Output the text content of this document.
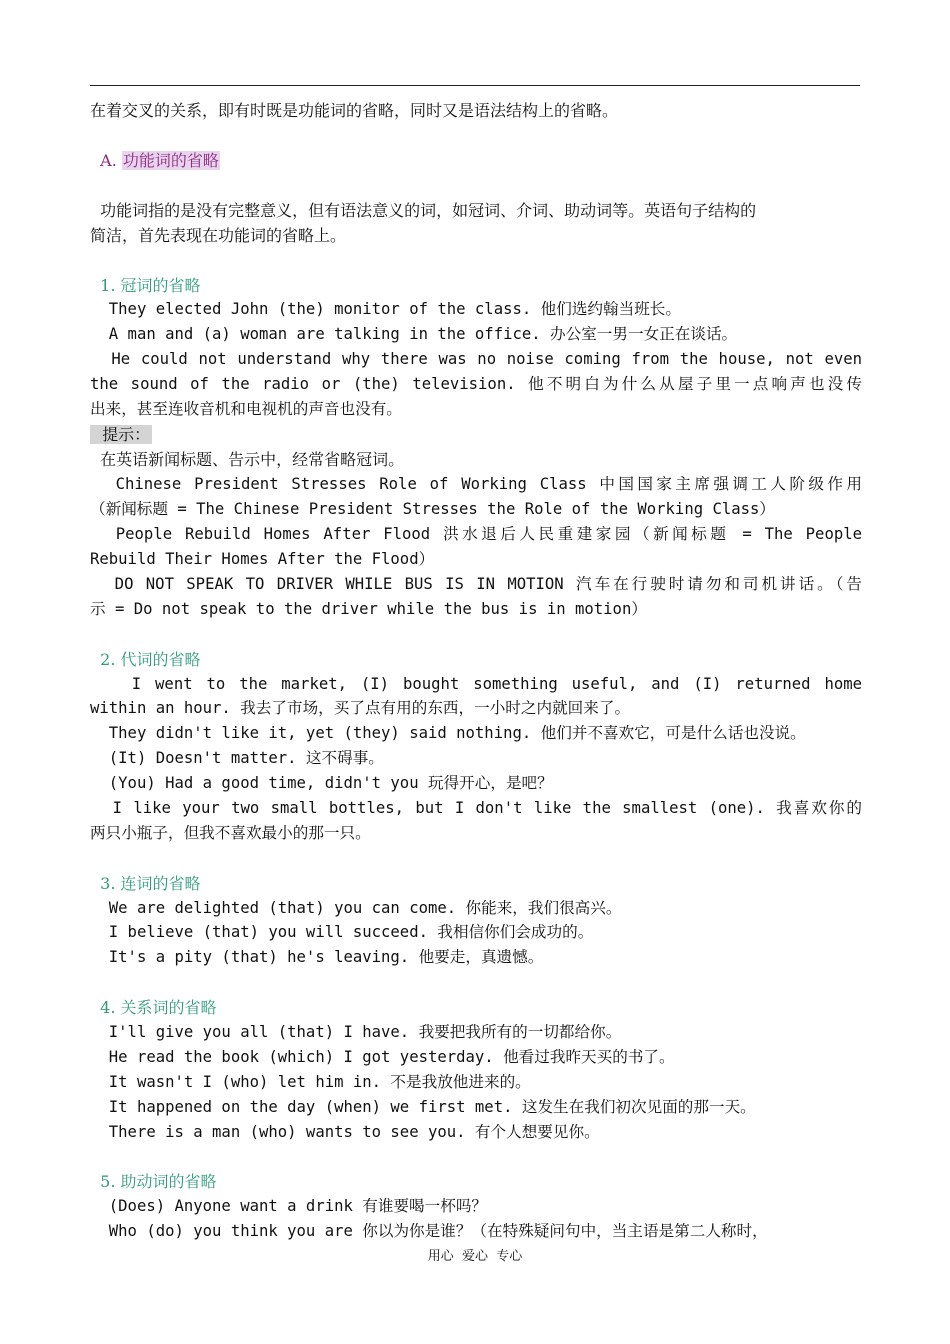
在着交叉的关系，即有时既是功能词的省略，同时又是语法结构上的省略。
A. 功能词的省略
功能词指的是没有完整意义，但有语法意义的词，如冠词、介词、助动词等。英语句子结构的
简洁，首先表现在功能词的省略上。
1. 冠词的省略
They elected John (the) monitor of the class. 他们选约翰当班长。
A man and (a) woman are talking in the office. 办公室一男一女正在谈话。
He could not understand why there was no noise coming from the house, not even
the sound of the radio or (the) television. 他不明白为什么从屋子里一点响声也没传
出来，甚至连收音机和电视机的声音也没有。
提示：
在英语新闻标题、告示中，经常省略冠词。
Chinese President Stresses Role of Working Class 中国国家主席强调工人阶级作用
（新闻标题 = The Chinese President Stresses the Role of the Working Class）
People Rebuild Homes After Flood 洪水退后人民重建家园（新闻标题 = The People
Rebuild Their Homes After the Flood）
DO NOT SPEAK TO DRIVER WHILE BUS IS IN MOTION 汽车在行驶时请勿和司机讲话。（告
示 = Do not speak to the driver while the bus is in motion）
2. 代词的省略
I went to the market, (I) bought something useful, and (I) returned home
within an hour. 我去了市场，买了点有用的东西，一小时之内就回来了。
They didn't like it, yet (they) said nothing. 他们并不喜欢它，可是什么话也没说。
(It) Doesn't matter. 这不碍事。
(You) Had a good time, didn't you 玩得开心，是吧？
I like your two small bottles, but I don't like the smallest (one). 我喜欢你的
两只小瓶子，但我不喜欢最小的那一只。
3. 连词的省略
We are delighted (that) you can come. 你能来，我们很高兴。
I believe (that) you will succeed. 我相信你们会成功的。
It's a pity (that) he's leaving. 他要走，真遗憾。
4. 关系词的省略
I'll give you all (that) I have. 我要把我所有的一切都给你。
He read the book (which) I got yesterday. 他看过我昨天买的书了。
It wasn't I (who) let him in. 不是我放他进来的。
It happened on the day (when) we first met. 这发生在我们初次见面的那一天。
There is a man (who) wants to see you. 有个人想要见你。
5. 助动词的省略
(Does) Anyone want a drink 有谁要喝一杯吗？
Who (do) you think you are 你以为你是谁？（在特殊疑问句中，当主语是第二人称时，
用心  爱心  专心
